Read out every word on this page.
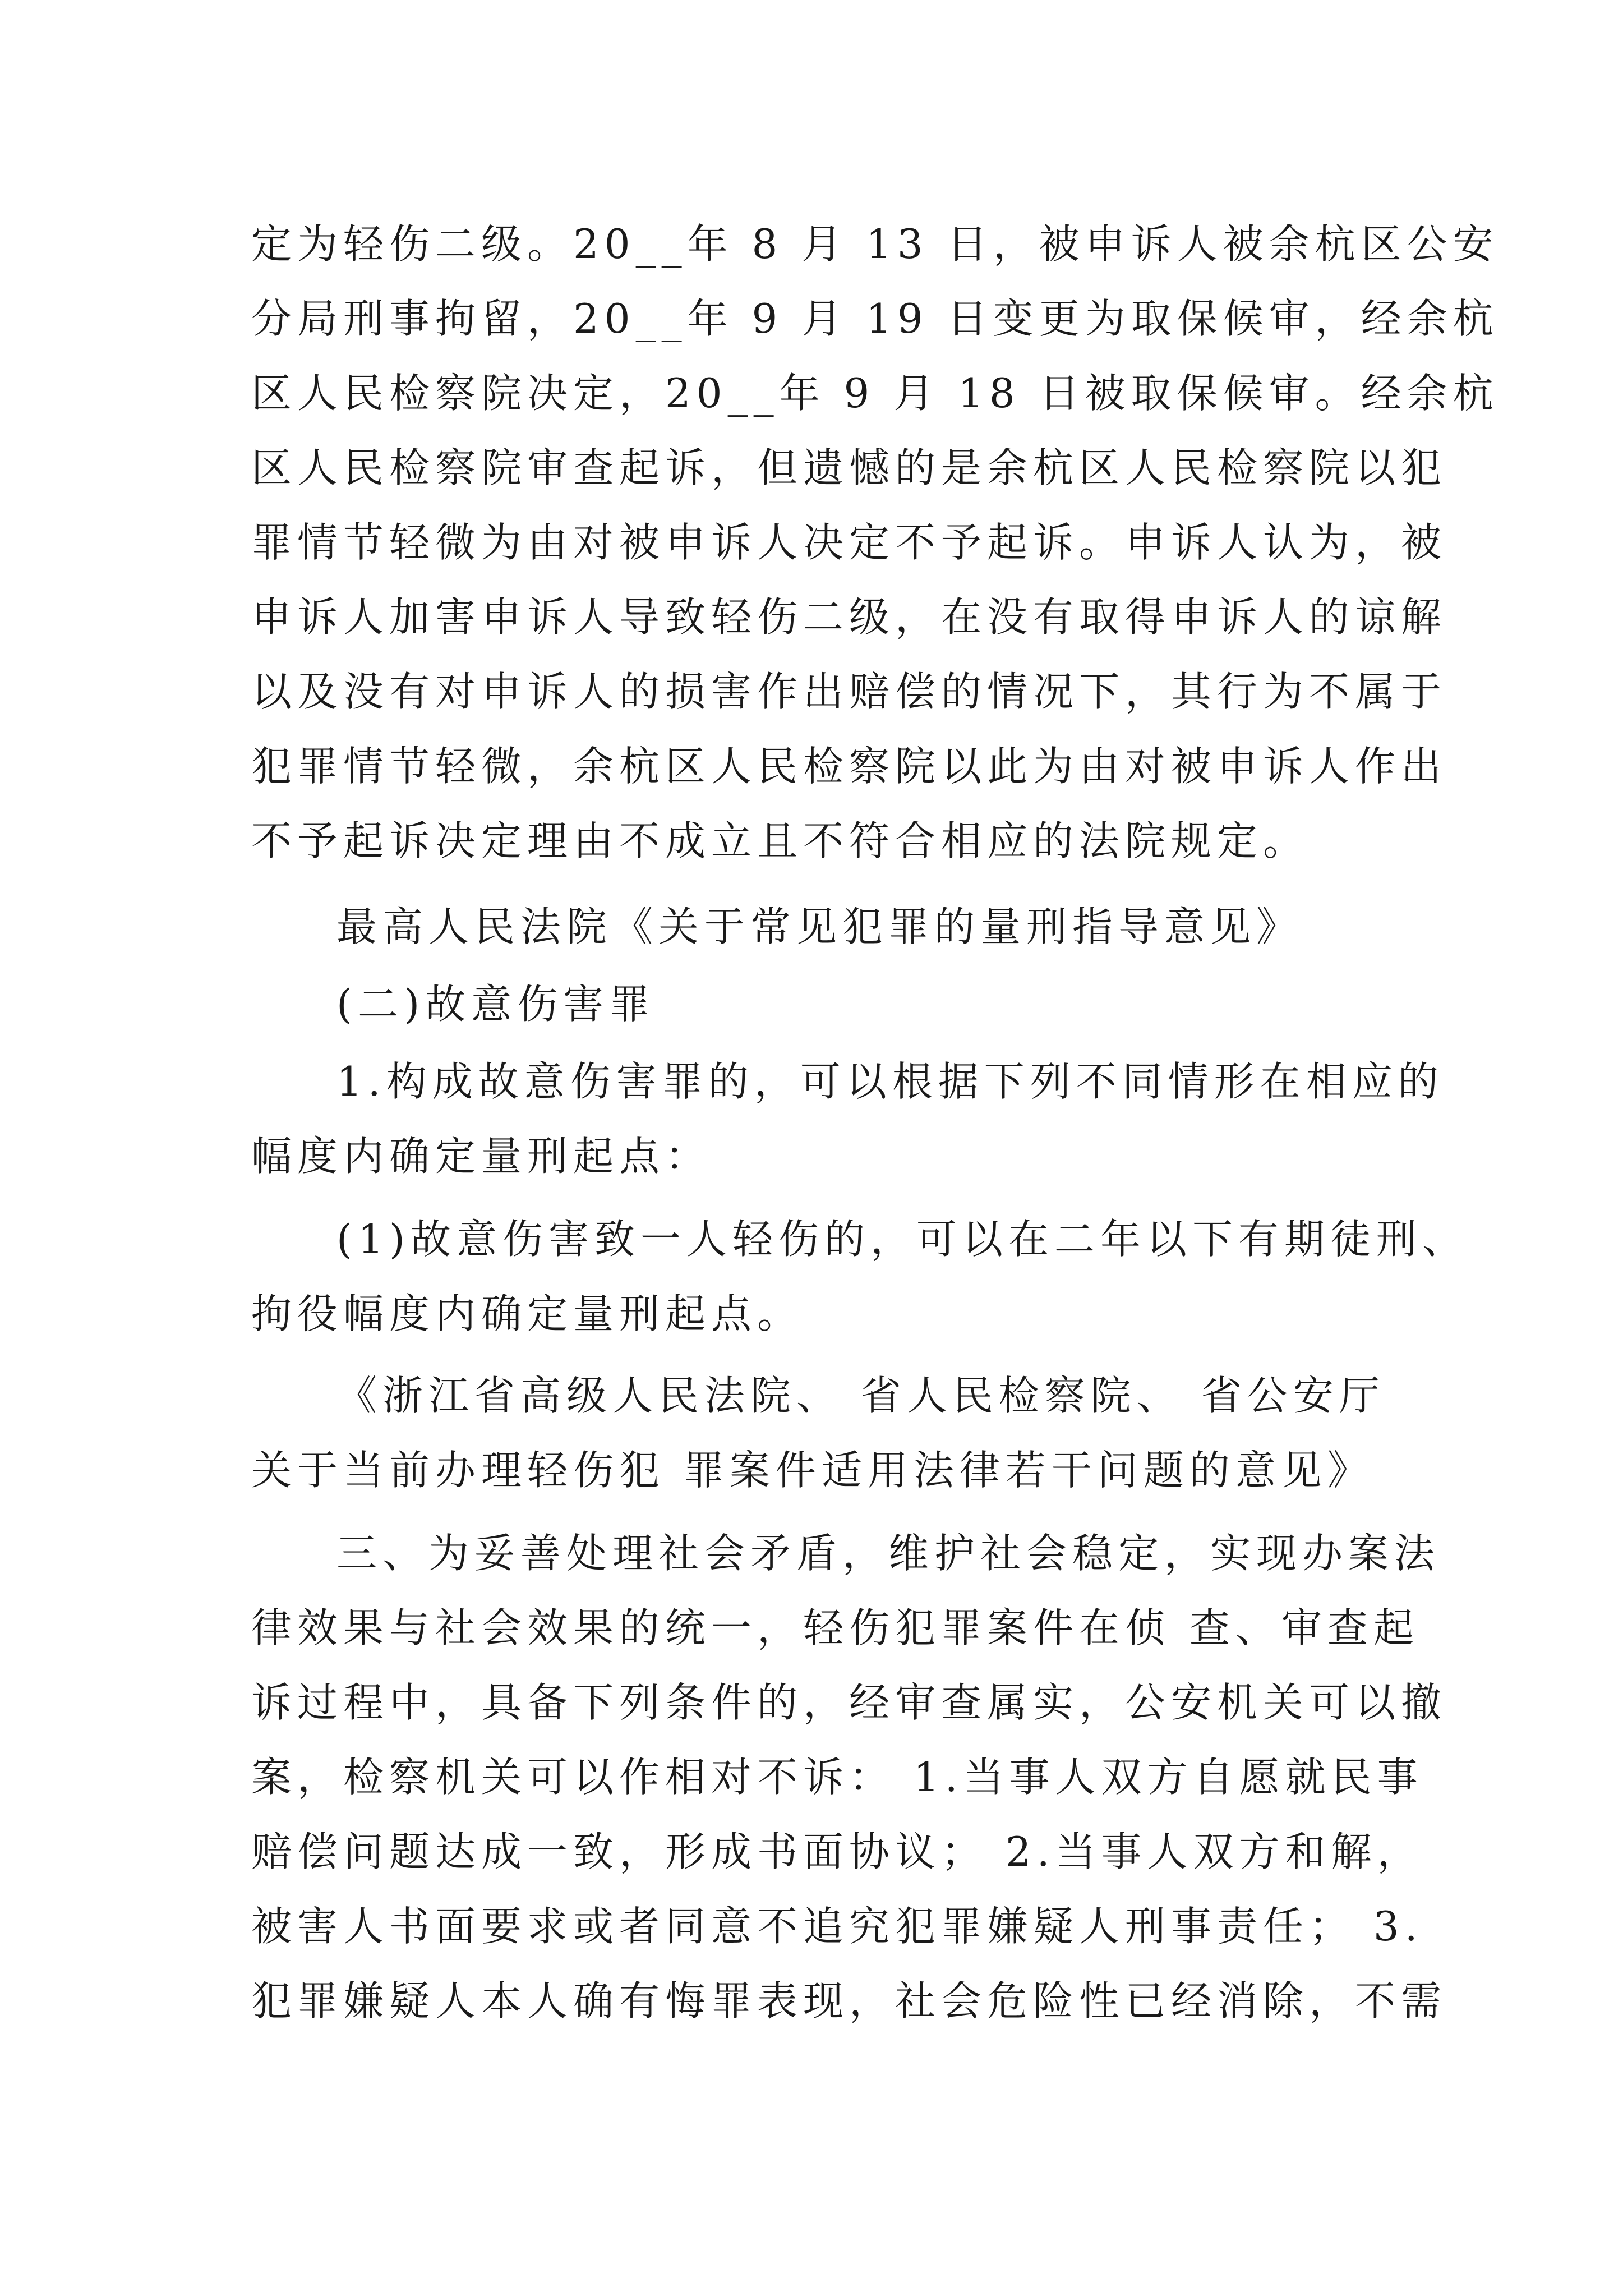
定为轻伤二级。20__年 8 月 13 日，被申诉人被余杭区公安
分局刑事拘留，20__年 9 月 19 日变更为取保候审，经余杭
区人民检察院决定，20__年 9 月 18 日被取保候审。经余杭
区人民检察院审查起诉，但遗憾的是余杭区人民检察院以犯
罪情节轻微为由对被申诉人决定不予起诉。申诉人认为，被
申诉人加害申诉人导致轻伤二级，在没有取得申诉人的谅解
以及没有对申诉人的损害作出赔偿的情况下，其行为不属于
犯罪情节轻微，余杭区人民检察院以此为由对被申诉人作出
不予起诉决定理由不成立且不符合相应的法院规定。
最高人民法院《关于常见犯罪的量刑指导意见》
(二)故意伤害罪
1.构成故意伤害罪的，可以根据下列不同情形在相应的
幅度内确定量刑起点：
(1)故意伤害致一人轻伤的，可以在二年以下有期徒刑、
拘役幅度内确定量刑起点。
《浙江省高级人民法院、 省人民检察院、 省公安厅
关于当前办理轻伤犯 罪案件适用法律若干问题的意见》
三、为妥善处理社会矛盾，维护社会稳定，实现办案法
律效果与社会效果的统一，轻伤犯罪案件在侦 查、审查起
诉过程中，具备下列条件的，经审查属实，公安机关可以撤
案，检察机关可以作相对不诉： 1.当事人双方自愿就民事
赔偿问题达成一致，形成书面协议； 2.当事人双方和解，
被害人书面要求或者同意不追究犯罪嫌疑人刑事责任； 3.
犯罪嫌疑人本人确有悔罪表现，社会危险性已经消除，不需
